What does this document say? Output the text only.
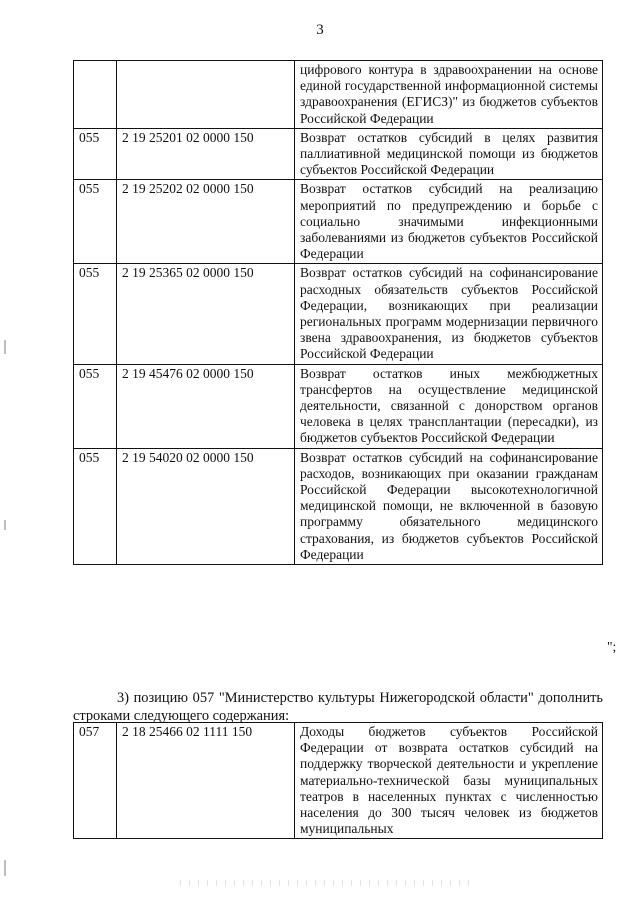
3
		цифрового контура в здравоохранении на основе единой государственной информационной системы здравоохранения (ЕГИСЗ)" из бюджетов субъектов Российской Федерации
055	2 19 25201 02 0000 150	Возврат остатков субсидий в целях развития паллиативной медицинской помощи из бюджетов субъектов Российской Федерации
055	2 19 25202 02 0000 150	Возврат остатков субсидий на реализацию мероприятий по предупреждению и борьбе с социально значимыми инфекционными заболеваниями из бюджетов субъектов Российской Федерации
055	2 19 25365 02 0000 150	Возврат остатков субсидий на софинансирование расходных обязательств субъектов Российской Федерации, возникающих при реализации региональных программ модернизации первичного звена здравоохранения, из бюджетов субъектов Российской Федерации
055	2 19 45476 02 0000 150	Возврат остатков иных межбюджетных трансфертов на осуществление медицинской деятельности, связанной с донорством органов человека в целях трансплантации (пересадки), из бюджетов субъектов Российской Федерации
055	2 19 54020 02 0000 150	Возврат остатков субсидий на софинансирование расходов, возникающих при оказании гражданам Российской Федерации высокотехнологичной медицинской помощи, не включенной в базовую программу обязательного медицинского страхования, из бюджетов субъектов Российской Федерации
";

3) позицию 057 "Министерство культуры Нижегородской области" дополнить строками следующего содержания:

057	2 18 25466 02 1111 150	Доходы бюджетов субъектов Российской Федерации от возврата остатков субсидий на поддержку творческой деятельности и укрепление материально-технической базы муниципальных театров в населенных пунктах с численностью населения до 300 тысяч человек из бюджетов муниципальных
